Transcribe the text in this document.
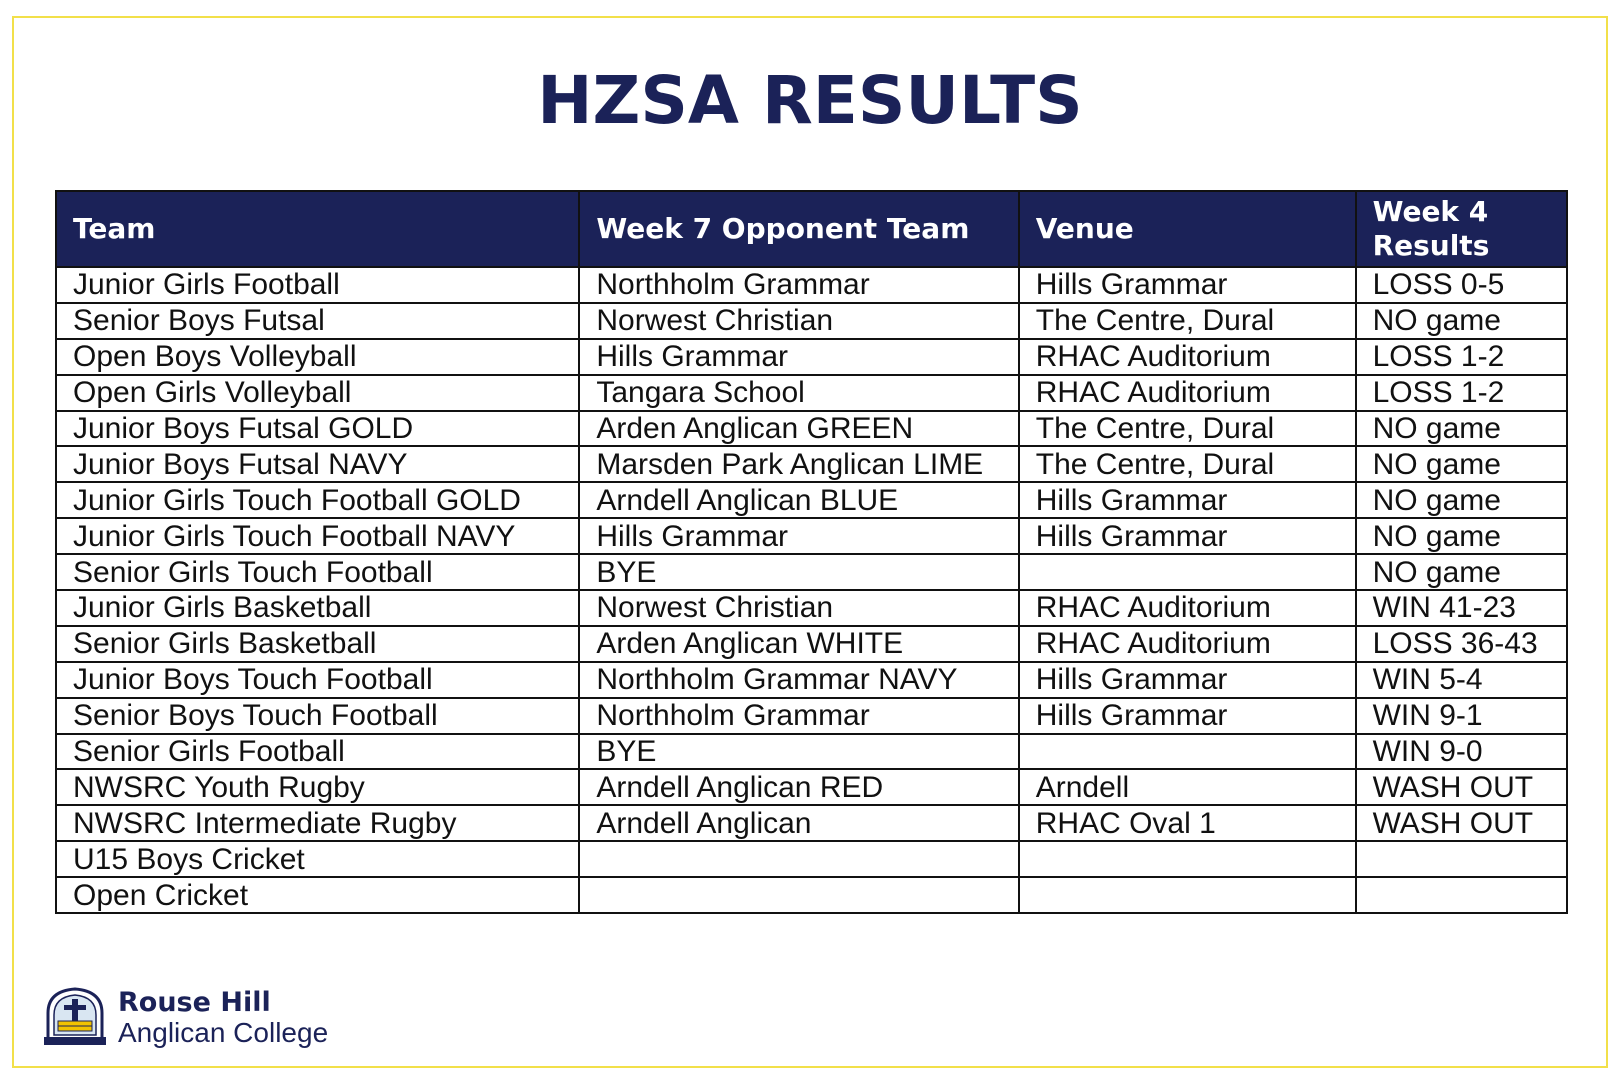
HZSA RESULTS
Team	Week 7 Opponent Team	Venue	Week 4 Results
Junior Girls Football	Northholm Grammar	Hills Grammar	LOSS 0-5
Senior Boys Futsal	Norwest Christian	The Centre, Dural	NO game
Open Boys Volleyball	Hills Grammar	RHAC Auditorium	LOSS 1-2
Open Girls Volleyball	Tangara School	RHAC Auditorium	LOSS 1-2
Junior Boys Futsal GOLD	Arden Anglican GREEN	The Centre, Dural	NO game
Junior Boys Futsal NAVY	Marsden Park Anglican LIME	The Centre, Dural	NO game
Junior Girls Touch Football GOLD	Arndell Anglican BLUE	Hills Grammar	NO game
Junior Girls Touch Football NAVY	Hills Grammar	Hills Grammar	NO game
Senior Girls Touch Football	BYE		NO game
Junior Girls Basketball	Norwest Christian	RHAC Auditorium	WIN 41-23
Senior Girls Basketball	Arden Anglican WHITE	RHAC Auditorium	LOSS 36-43
Junior Boys Touch Football	Northholm Grammar NAVY	Hills Grammar	WIN 5-4
Senior Boys Touch Football	Northholm Grammar	Hills Grammar	WIN 9-1
Senior Girls Football	BYE		WIN 9-0
NWSRC Youth Rugby	Arndell Anglican RED	Arndell	WASH OUT
NWSRC Intermediate Rugby	Arndell Anglican	RHAC Oval 1	WASH OUT
U15 Boys Cricket			
Open Cricket			
Rouse Hill
Anglican College
